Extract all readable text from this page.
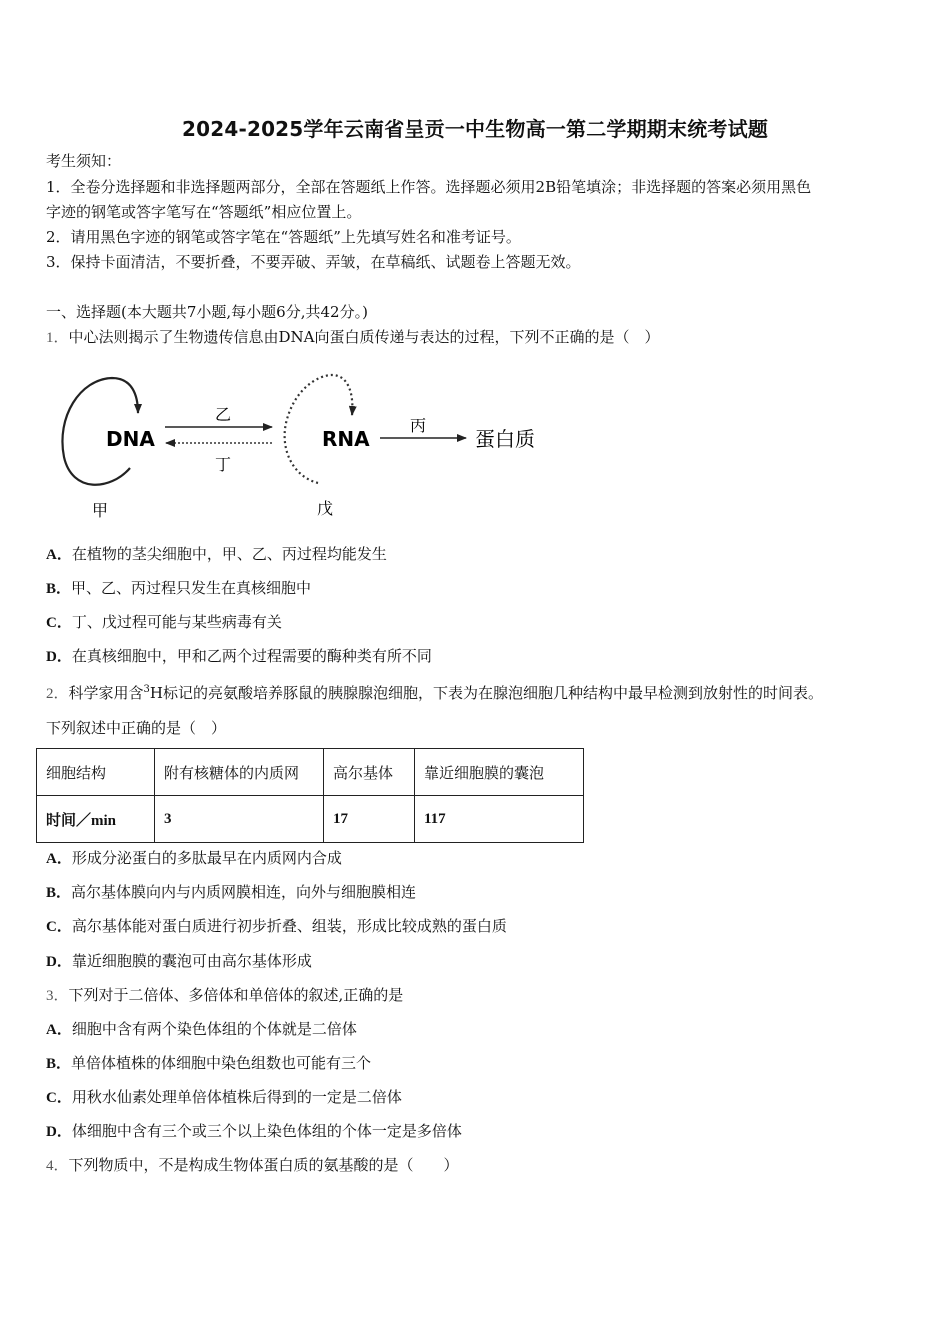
2024-2025学年云南省呈贡一中生物高一第二学期期末统考试题
考生须知：
1．全卷分选择题和非选择题两部分，全部在答题纸上作答。选择题必须用2B铅笔填涂；非选择题的答案必须用黑色
字迹的钢笔或答字笔写在“答题纸”相应位置上。
2．请用黑色字迹的钢笔或答字笔在“答题纸”上先填写姓名和准考证号。
3．保持卡面清洁，不要折叠，不要弄破、弄皱，在草稿纸、试题卷上答题无效。
一、选择题(本大题共7小题,每小题6分,共42分。)
1．中心法则揭示了生物遗传信息由DNA向蛋白质传递与表达的过程，下列不正确的是（　）
DNA	RNA	蛋白质
乙
丁
丙
甲	戊
A．在植物的茎尖细胞中，甲、乙、丙过程均能发生
B．甲、乙、丙过程只发生在真核细胞中
C．丁、戊过程可能与某些病毒有关
D．在真核细胞中，甲和乙两个过程需要的酶种类有所不同
2．科学家用含$^3$H标记的亮氨酸培养豚鼠的胰腺腺泡细胞，下表为在腺泡细胞几种结构中最早检测到放射性的时间表。
下列叙述中正确的是（　）
细胞结构	附有核糖体的内质网	高尔基体	靠近细胞膜的囊泡
时间／min	3	17	117
A．形成分泌蛋白的多肽最早在内质网内合成
B．高尔基体膜向内与内质网膜相连，向外与细胞膜相连
C．高尔基体能对蛋白质进行初步折叠、组装，形成比较成熟的蛋白质
D．靠近细胞膜的囊泡可由高尔基体形成
3．下列对于二倍体、多倍体和单倍体的叙述,正确的是
A．细胞中含有两个染色体组的个体就是二倍体
B．单倍体植株的体细胞中染色组数也可能有三个
C．用秋水仙素处理单倍体植株后得到的一定是二倍体
D．体细胞中含有三个或三个以上染色体组的个体一定是多倍体
4．下列物质中，不是构成生物体蛋白质的氨基酸的是（　　）
